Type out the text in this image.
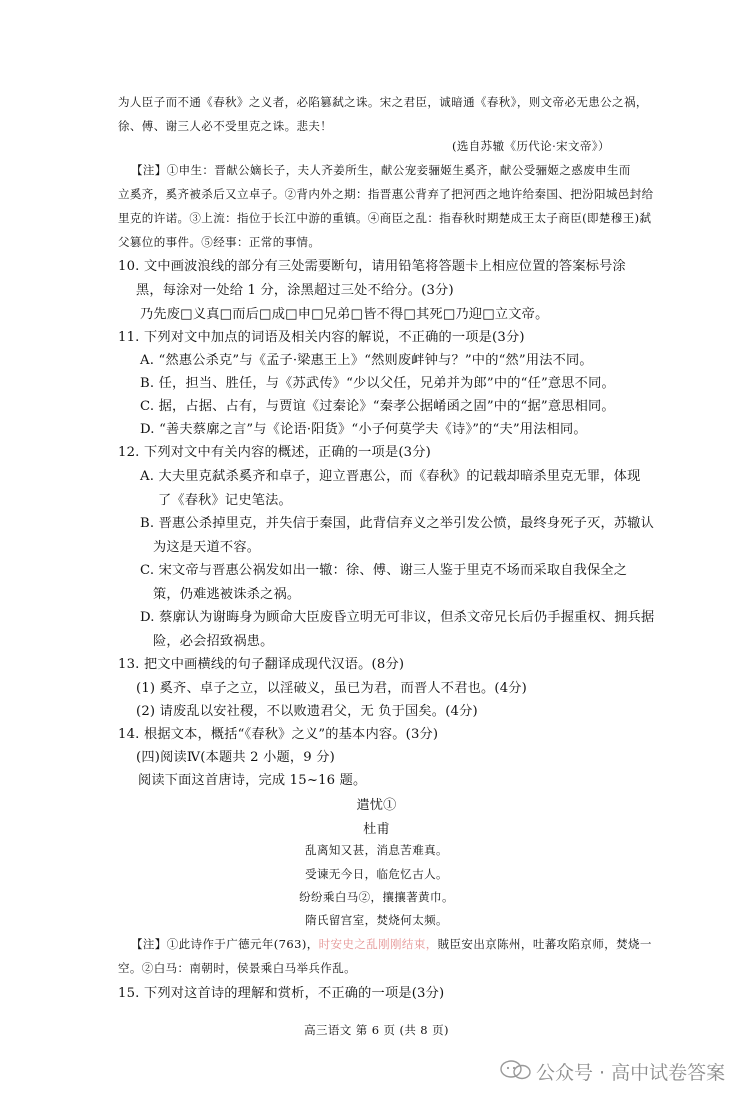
为人臣子而不通《春秋》之义者，必陷篡弑之诛。宋之君臣，诚暗通《春秋》，则文帝必无患公之祸，
徐、傅、谢三人必不受里克之诛。悲夫！
(选自苏辙《历代论·宋文帝》）
【注】①申生：晋献公嫡长子，夫人齐姜所生，献公宠妾骊姬生奚齐，献公受骊姬之惑废申生而
立奚齐，奚齐被杀后又立卓子。②背内外之期：指晋惠公背弃了把河西之地许给秦国、把汾阳城邑封给
里克的许诺。③上流：指位于长江中游的重镇。④商臣之乱：指春秋时期楚成王太子商臣(即楚穆王)弑
父篡位的事件。⑤经事：正常的事情。
10. 文中画波浪线的部分有三处需要断句，请用铅笔将答题卡上相应位置的答案标号涂
黑，每涂对一处给 1 分，涂黑超过三处不给分。(3分)
乃先废□义真□而后□成□申□兄弟□皆不得□其死□乃迎□立文帝。
11. 下列对文中加点的词语及相关内容的解说，不正确的一项是(3分)
A. “然惠公杀克”与《孟子·梁惠王上》“然则废衅钟与？”中的“然”用法不同。
B. 任，担当、胜任，与《苏武传》“少以父任，兄弟并为郎”中的“任”意思不同。
C. 据，占据、占有，与贾谊《过秦论》“秦孝公据崤函之固”中的“据”意思相同。
D. “善夫蔡廓之言”与《论语·阳货》“小子何莫学夫《诗》”的“夫”用法相同。
12. 下列对文中有关内容的概述，正确的一项是(3分)
A. 大夫里克弑杀奚齐和卓子，迎立晋惠公，而《春秋》的记载却暗杀里克无罪，体现
了《春秋》记史笔法。
B. 晋惠公杀掉里克，并失信于秦国，此背信弃义之举引发公愤，最终身死子灭，苏辙认
为这是天道不容。
C. 宋文帝与晋惠公祸发如出一辙：徐、傅、谢三人鉴于里克不场而采取自我保全之
策，仍难逃被诛杀之祸。
D. 蔡廓认为谢晦身为顾命大臣废昏立明无可非议，但杀文帝兄长后仍手握重权、拥兵据
险，必会招致祸患。
13. 把文中画横线的句子翻译成现代汉语。(8分)
(1) 奚齐、卓子之立，以淫破义，虽已为君，而晋人不君也。(4分)
(2) 请废乱以安社稷，不以败遗君父，无 负于国矣。(4分)
14. 根据文本，概括“《春秋》之义”的基本内容。(3分)
(四)阅读Ⅳ(本题共 2 小题，9 分)
阅读下面这首唐诗，完成 15~16 题。
遣忧①
杜甫
乱离知又甚，消息苦难真。
受谏无今日，临危忆古人。
纷纷乘白马②，攘攘著黄巾。
隋氏留宫室，焚烧何太频。
【注】①此诗作于广德元年(763)，时安史之乱刚刚结束，賊臣安出京陈州，吐蕃攻陷京师，焚烧一
空。②白马：南朝时，侯景乘白马举兵作乱。
15. 下列对这首诗的理解和赏析，不正确的一项是(3分)
高三语文 第 6 页 (共 8 页)
公众号 · 高中试卷答案
